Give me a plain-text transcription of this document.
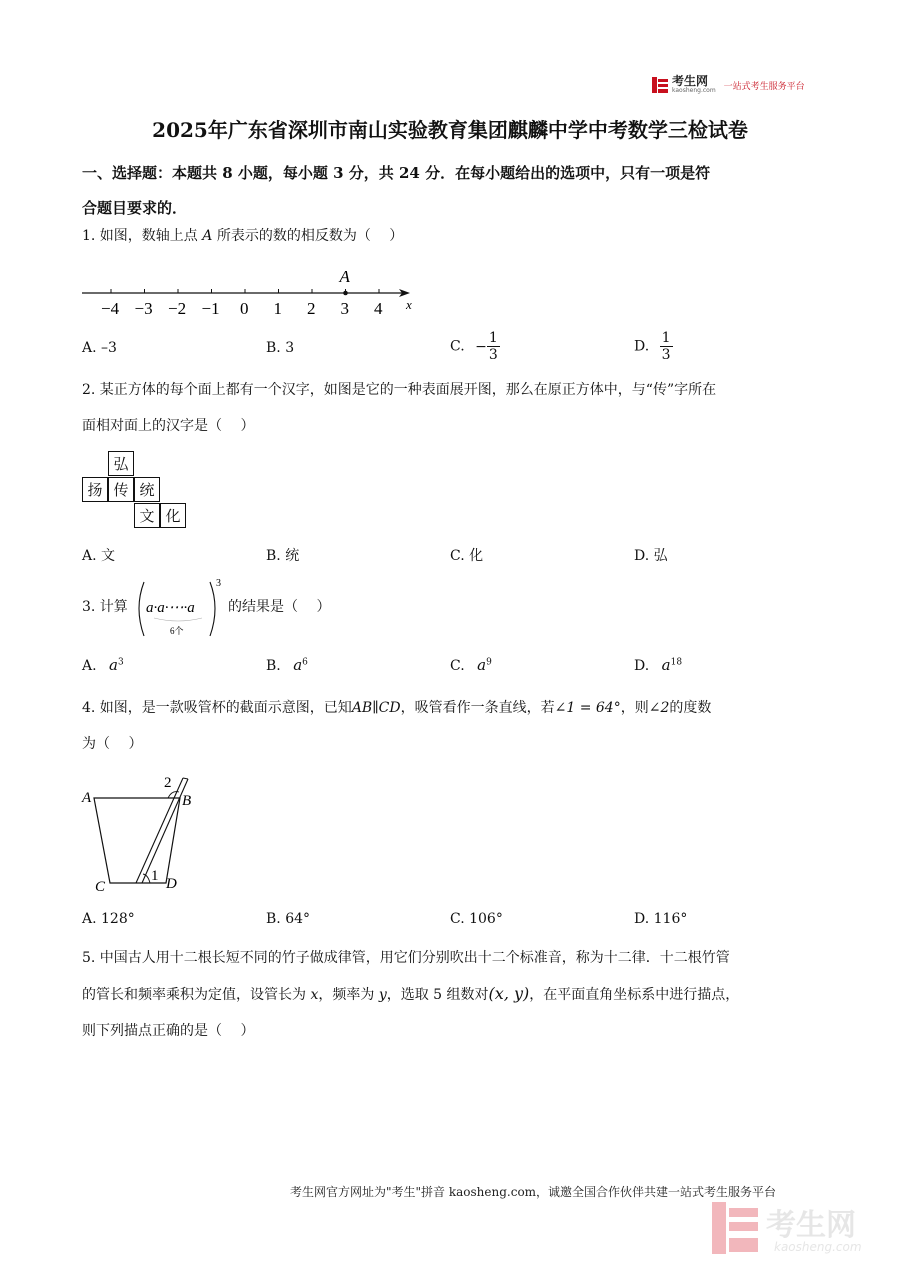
考生网
kaosheng.com 一站式考生服务平台
2025年广东省深圳市南山实验教育集团麒麟中学中考数学三检试卷
一、选择题：本题共 8 小题，每小题 3 分，共 24 分．在每小题给出的选项中，只有一项是符
合题目要求的．
1. 如图，数轴上点 A 所表示的数的相反数为（　 ）
−4 −3 −2 −1 0 1 2 3 4
A
x
A. –3	B. 3	C. − $\frac{1}{3}$	D. $\frac{1}{3}$
2. 某正方体的每个面上都有一个汉字，如图是它的一种表面展开图，那么在原正方体中，与“传”字所在
面相对面上的汉字是（　 ）
弘
扬 传 统
文 化
A. 文	B. 统	C. 化	D. 弘
3. 计算 a·a·⋯·a
6个
3
的结果是（　 ）
A. $a^3$	B. $a^6$	C. $a^9$	D. $a^{18}$
4. 如图，是一款吸管杯的截面示意图，已知AB∥CD，吸管看作一条直线，若∠1 = 64°，则∠2的度数
为（　 ）
A	B
C	D
1
2
A. 128°	B. 64°	C. 106°	D. 116°
5. 中国古人用十二根长短不同的竹子做成律管，用它们分别吹出十二个标准音，称为十二律．十二根竹管
的管长和频率乘积为定值，设管长为 x，频率为 y，选取 5 组数对(x, y)，在平面直角坐标系中进行描点，
则下列描点正确的是（　 ）
考生网官方网址为"考生"拼音 kaosheng.com，诚邀全国合作伙伴共建一站式考生服务平台
考生网
kaosheng.com
